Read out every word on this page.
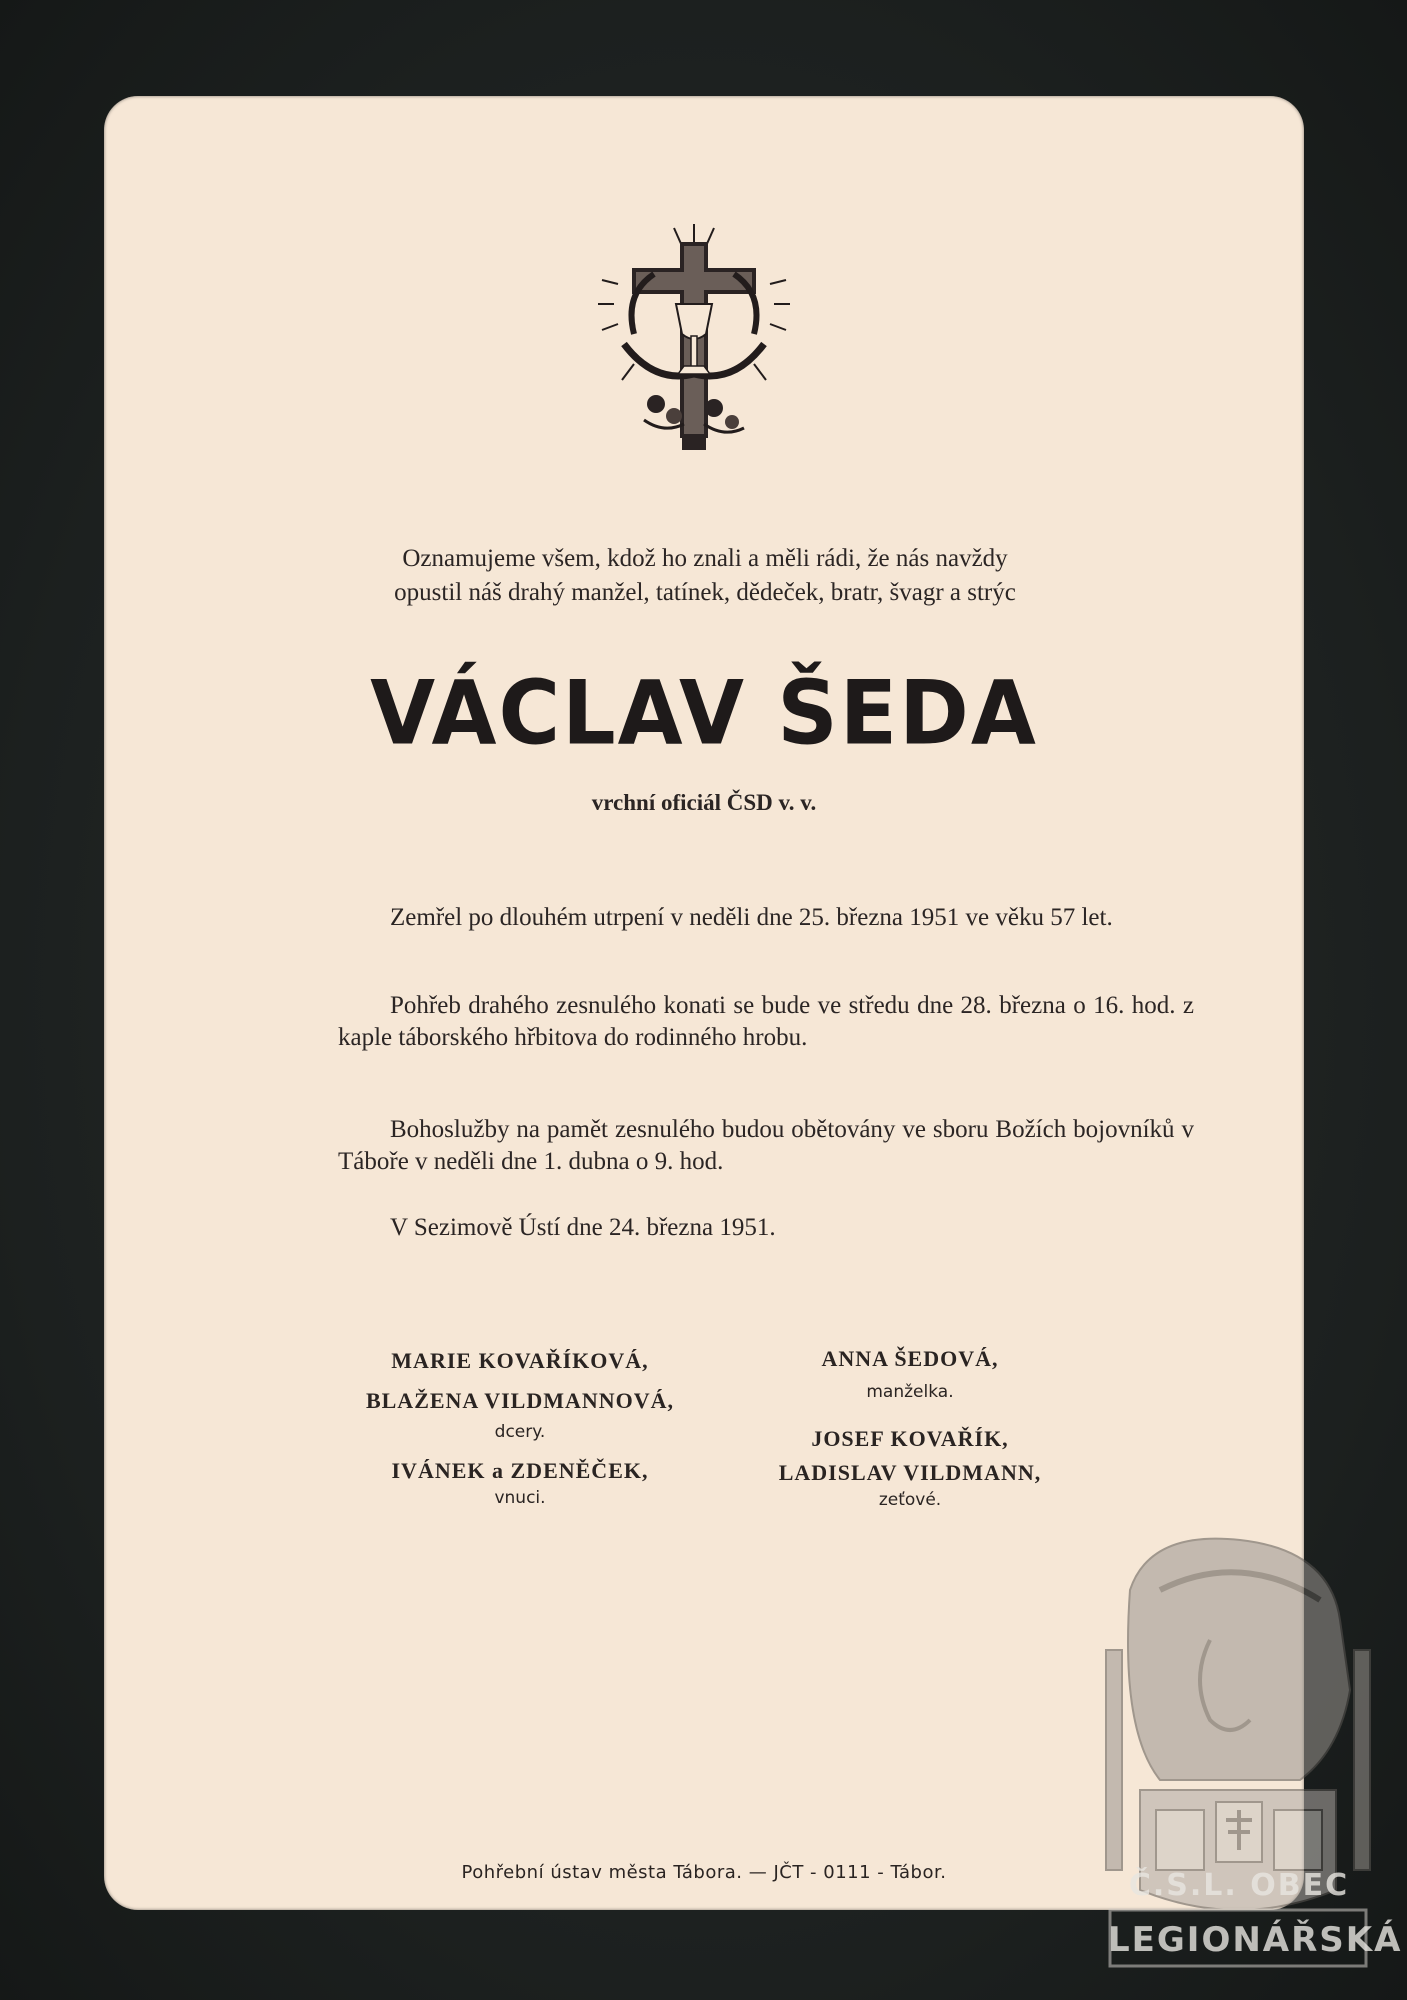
Oznamujeme všem, kdož ho znali a měli rádi, že nás navždy
opustil náš drahý manžel, tatínek, dědeček, bratr, švagr a strýc
VÁCLAV ŠEDA
vrchní oficiál ČSD v. v.
Zemřel po dlouhém utrpení v neděli dne 25. března 1951 ve věku 57 let.
Pohřeb drahého zesnulého konati se bude ve středu dne 28. března o 16. hod. z kaple táborského hřbitova do rodinného hrobu.
Bohoslužby na pamět zesnulého budou obětovány ve sboru Božích bojovníků v Táboře v neděli dne 1. dubna o 9. hod.
V Sezimově Ústí dne 24. března 1951.
MARIE KOVAŘÍKOVÁ,
BLAŽENA VILDMANNOVÁ,
dcery.
IVÁNEK a ZDENĚČEK,
vnuci.
ANNA ŠEDOVÁ,
manželka.
JOSEF KOVAŘÍK,
LADISLAV VILDMANN,
zeťové.
Pohřební ústav města Tábora. — JČT - 0111 - Tábor.	Č.S.L. OBEC
LEGIONÁŘSKÁ
